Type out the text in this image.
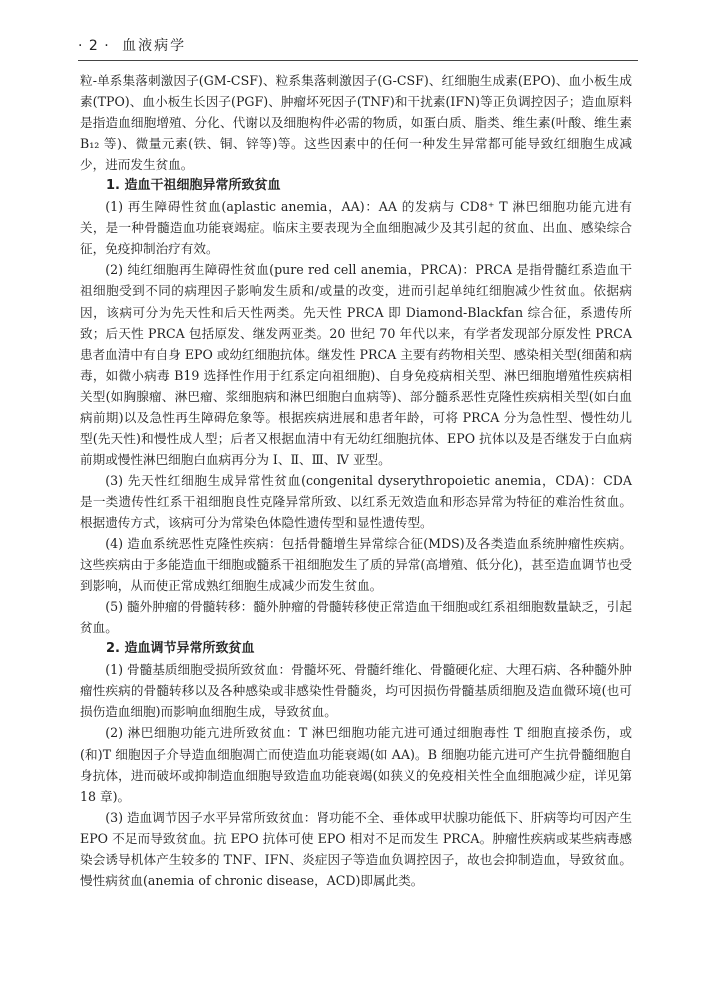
· 2 · 血液病学

粒-单系集落刺激因子(GM-CSF)、粒系集落刺激因子(G-CSF)、红细胞生成素(EPO)、血小板生成素(TPO)、血小板生长因子(PGF)、肿瘤坏死因子(TNF)和干扰素(IFN)等正负调控因子；造血原料是指造血细胞增殖、分化、代谢以及细胞构件必需的物质，如蛋白质、脂类、维生素(叶酸、维生素 B₁₂ 等)、微量元素(铁、铜、锌等)等。这些因素中的任何一种发生异常都可能导致红细胞生成减少，进而发生贫血。

1. 造血干祖细胞异常所致贫血

(1) 再生障碍性贫血(aplastic anemia，AA)：AA 的发病与 CD8⁺ T 淋巴细胞功能亢进有关，是一种骨髓造血功能衰竭症。临床主要表现为全血细胞减少及其引起的贫血、出血、感染综合征，免疫抑制治疗有效。

(2) 纯红细胞再生障碍性贫血(pure red cell anemia，PRCA)：PRCA 是指骨髓红系造血干祖细胞受到不同的病理因子影响发生质和/或量的改变，进而引起单纯红细胞减少性贫血。依据病因，该病可分为先天性和后天性两类。先天性 PRCA 即 Diamond-Blackfan 综合征，系遗传所致；后天性 PRCA 包括原发、继发两亚类。20 世纪 70 年代以来，有学者发现部分原发性 PRCA 患者血清中有自身 EPO 或幼红细胞抗体。继发性 PRCA 主要有药物相关型、感染相关型(细菌和病毒，如微小病毒 B19 选择性作用于红系定向祖细胞)、自身免疫病相关型、淋巴细胞增殖性疾病相关型(如胸腺瘤、淋巴瘤、浆细胞病和淋巴细胞白血病等)、部分髓系恶性克隆性疾病相关型(如白血病前期)以及急性再生障碍危象等。根据疾病进展和患者年龄，可将 PRCA 分为急性型、慢性幼儿型(先天性)和慢性成人型；后者又根据血清中有无幼红细胞抗体、EPO 抗体以及是否继发于白血病前期或慢性淋巴细胞白血病再分为 Ⅰ、Ⅱ、Ⅲ、Ⅳ 亚型。

(3) 先天性红细胞生成异常性贫血(congenital dyserythropoietic anemia，CDA)：CDA 是一类遗传性红系干祖细胞良性克隆异常所致、以红系无效造血和形态异常为特征的难治性贫血。根据遗传方式，该病可分为常染色体隐性遗传型和显性遗传型。

(4) 造血系统恶性克隆性疾病：包括骨髓增生异常综合征(MDS)及各类造血系统肿瘤性疾病。这些疾病由于多能造血干细胞或髓系干祖细胞发生了质的异常(高增殖、低分化)，甚至造血调节也受到影响，从而使正常成熟红细胞生成减少而发生贫血。

(5) 髓外肿瘤的骨髓转移：髓外肿瘤的骨髓转移使正常造血干细胞或红系祖细胞数量缺乏，引起贫血。

2. 造血调节异常所致贫血

(1) 骨髓基质细胞受损所致贫血：骨髓坏死、骨髓纤维化、骨髓硬化症、大理石病、各种髓外肿瘤性疾病的骨髓转移以及各种感染或非感染性骨髓炎，均可因损伤骨髓基质细胞及造血微环境(也可损伤造血细胞)而影响血细胞生成，导致贫血。

(2) 淋巴细胞功能亢进所致贫血：T 淋巴细胞功能亢进可通过细胞毒性 T 细胞直接杀伤，或(和)T 细胞因子介导造血细胞凋亡而使造血功能衰竭(如 AA)。B 细胞功能亢进可产生抗骨髓细胞自身抗体，进而破坏或抑制造血细胞导致造血功能衰竭(如狭义的免疫相关性全血细胞减少症，详见第 18 章)。

(3) 造血调节因子水平异常所致贫血：肾功能不全、垂体或甲状腺功能低下、肝病等均可因产生 EPO 不足而导致贫血。抗 EPO 抗体可使 EPO 相对不足而发生 PRCA。肿瘤性疾病或某些病毒感染会诱导机体产生较多的 TNF、IFN、炎症因子等造血负调控因子，故也会抑制造血，导致贫血。慢性病贫血(anemia of chronic disease，ACD)即属此类。
